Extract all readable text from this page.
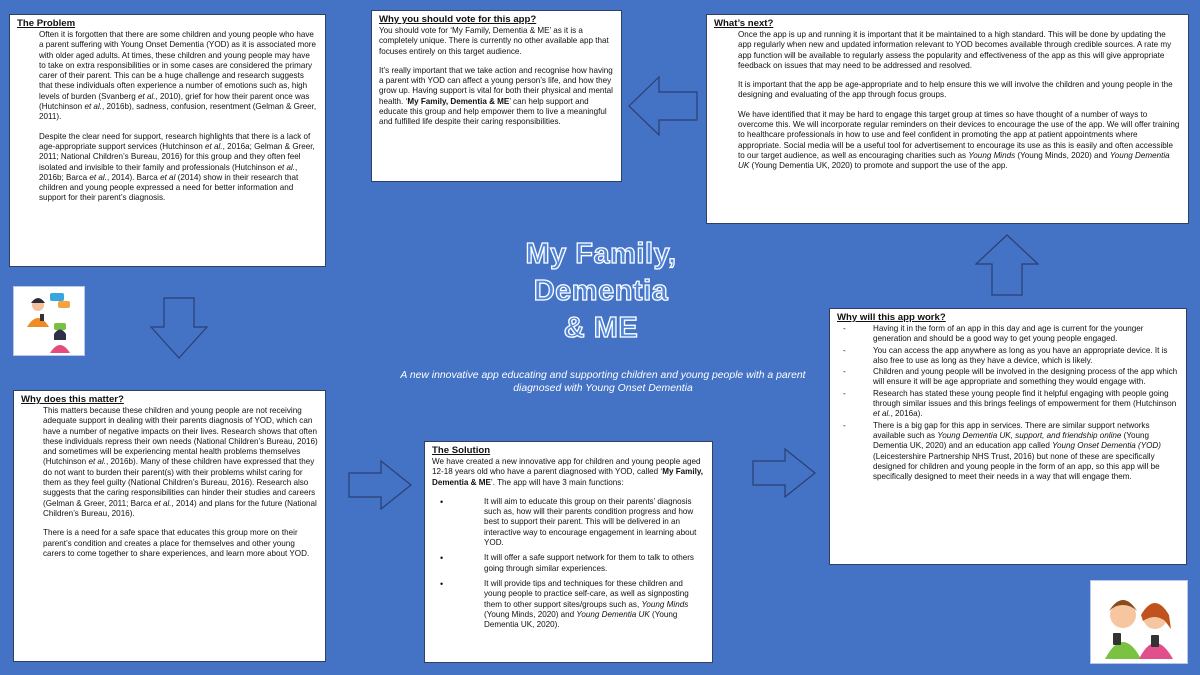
The Problem

Often it is forgotten that there are some children and young people who have a parent suffering with Young Onset Dementia (YOD) as it is associated more with older aged adults. At times, these children and young people may have to take on extra responsibilities or in some cases are considered the primary carer of their parent. This can be a huge challenge and research suggests that these individuals often experience a number of emotions such as, high levels of burden (Svanberg et al., 2010), grief for how their parent once was (Hutchinson et al., 2016b), sadness, confusion, resentment (Gelman & Greer, 2011).

Despite the clear need for support, research highlights that there is a lack of age-appropriate support services (Hutchinson et al., 2016a; Gelman & Greer, 2011; National Children’s Bureau, 2016) for this group and they often feel isolated and invisible to their family and professionals (Hutchinson et al., 2016b; Barca et al., 2014). Barca et al (2014) show in their research that children and young people expressed a need for better information and support for their parent’s diagnosis.

Why you should vote for this app?

You should vote for ‘My Family, Dementia & ME’ as it is a completely unique. There is currently no other available app that focuses entirely on this target audience.

It’s really important that we take action and recognise how having a parent with YOD can affect a young person’s life, and how they grow up. Having support is vital for both their physical and mental health. ‘My Family, Dementia & ME’ can help support and educate this group and help empower them to live a meaningful and fulfilled life despite their caring responsibilities.

What’s next?

Once the app is up and running it is important that it be maintained to a high standard. This will be done by updating the app regularly when new and updated information relevant to YOD becomes available through credible sources. A rate my app function will be available to regularly assess the popularity and effectiveness of the app as this will give appropriate feedback on issues that may need to be addressed and resolved.

It is important that the app be age-appropriate and to help ensure this we will involve the children and young people in the designing and evaluating of the app through focus groups.

We have identified that it may be hard to engage this target group at times so have thought of a number of ways to overcome this. We will incorporate regular reminders on their devices to encourage the use of the app. We will offer training to healthcare professionals in how to use and feel confident in promoting the app at patient appointments where appropriate. Social media will be a useful tool for advertisement to encourage its use as this is easily and often accessible to our target audience, as well as encouraging charities such as Young Minds (Young Minds, 2020) and Young Dementia UK (Young Dementia UK, 2020) to promote and support the use of the app.

Why does this matter?

This matters because these children and young people are not receiving adequate support in dealing with their parents diagnosis of YOD, which can have a number of negative impacts on their lives. Research shows that often these individuals repress their own needs (National Children’s Bureau, 2016) and sometimes will be experiencing mental health problems themselves (Hutchinson et al., 2016b). Many of these children have expressed that they do not want to burden their parent(s) with their problems whilst caring for them as they feel guilty (National Children’s Bureau, 2016). Research also suggests that the caring responsibilities can hinder their studies and careers (Gelman & Greer, 2011; Barca et al., 2014) and plans for the future (National Children’s Bureau, 2016).

There is a need for a safe space that educates this group more on their parent’s condition and creates a place for themselves and other young carers to come together to share experiences, and learn more about YOD.

The Solution

We have created a new innovative app for children and young people aged 12-18 years old who have a parent diagnosed with YOD, called ‘My Family, Dementia & ME’. The app will have 3 main functions:

• It will aim to educate this group on their parents’ diagnosis such as, how will their parents condition progress and how best to support their parent. This will be delivered in an interactive way to encourage engagement in learning about YOD.
• It will offer a safe support network for them to talk to others going through similar experiences.
• It will provide tips and techniques for these children and young people to practice self-care, as well as signposting them to other support sites/groups such as, Young Minds (Young Minds, 2020) and Young Dementia UK (Young Dementia UK, 2020).
Why will this app work?
- Having it in the form of an app in this day and age is current for the younger generation and should be a good way to get young people engaged.
- You can access the app anywhere as long as you have an appropriate device. It is also free to use as long as they have a device, which is likely.
- Children and young people will be involved in the designing process of the app which will ensure it will be age appropriate and something they would engage with.
- Research has stated these young people find it helpful engaging with people going through similar issues and this brings feelings of empowerment for them (Hutchinson et al., 2016a).
- There is a big gap for this app in services. There are similar support networks available such as Young Dementia UK, support, and friendship online (Young Dementia UK, 2020) and an education app called Young Onset Dementia (YOD) (Leicestershire Partnership NHS Trust, 2016) but none of these are specifically designed for children and young people in the form of an app, so this app will be specifically designed to meet their needs in a way that will engage them.
My Family,
Dementia
& ME
A new innovative app educating and supporting children and young people with a parent diagnosed with Young Onset Dementia
